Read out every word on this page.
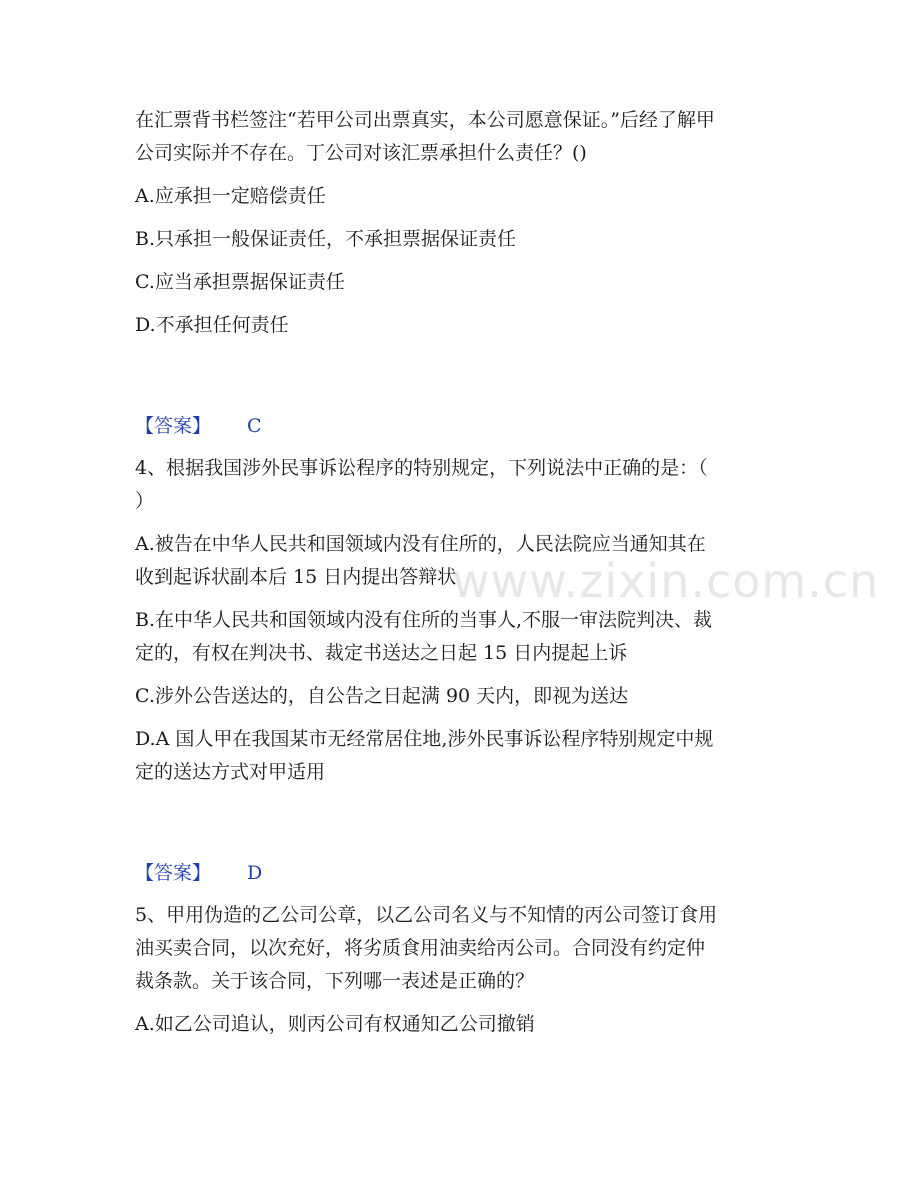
在汇票背书栏签注“若甲公司出票真实，本公司愿意保证。”后经了解甲

公司实际并不存在。丁公司对该汇票承担什么责任？()

A.应承担一定赔偿责任

B.只承担一般保证责任，不承担票据保证责任

C.应当承担票据保证责任

D.不承担任何责任

【答案】 C

4、根据我国涉外民事诉讼程序的特别规定，下列说法中正确的是：（

）

A.被告在中华人民共和国领域内没有住所的，人民法院应当通知其在

收到起诉状副本后 15 日内提出答辩状

B.在中华人民共和国领域内没有住所的当事人,不服一审法院判决、裁

定的，有权在判决书、裁定书送达之日起 15 日内提起上诉

C.涉外公告送达的，自公告之日起满 90 天内，即视为送达

D.A 国人甲在我国某市无经常居住地,涉外民事诉讼程序特别规定中规

定的送达方式对甲适用

【答案】 D

5、甲用伪造的乙公司公章，以乙公司名义与不知情的丙公司签订食用

油买卖合同，以次充好，将劣质食用油卖给丙公司。合同没有约定仲

裁条款。关于该合同，下列哪一表述是正确的？

A.如乙公司追认，则丙公司有权通知乙公司撤销

www.zixin.com.cn
